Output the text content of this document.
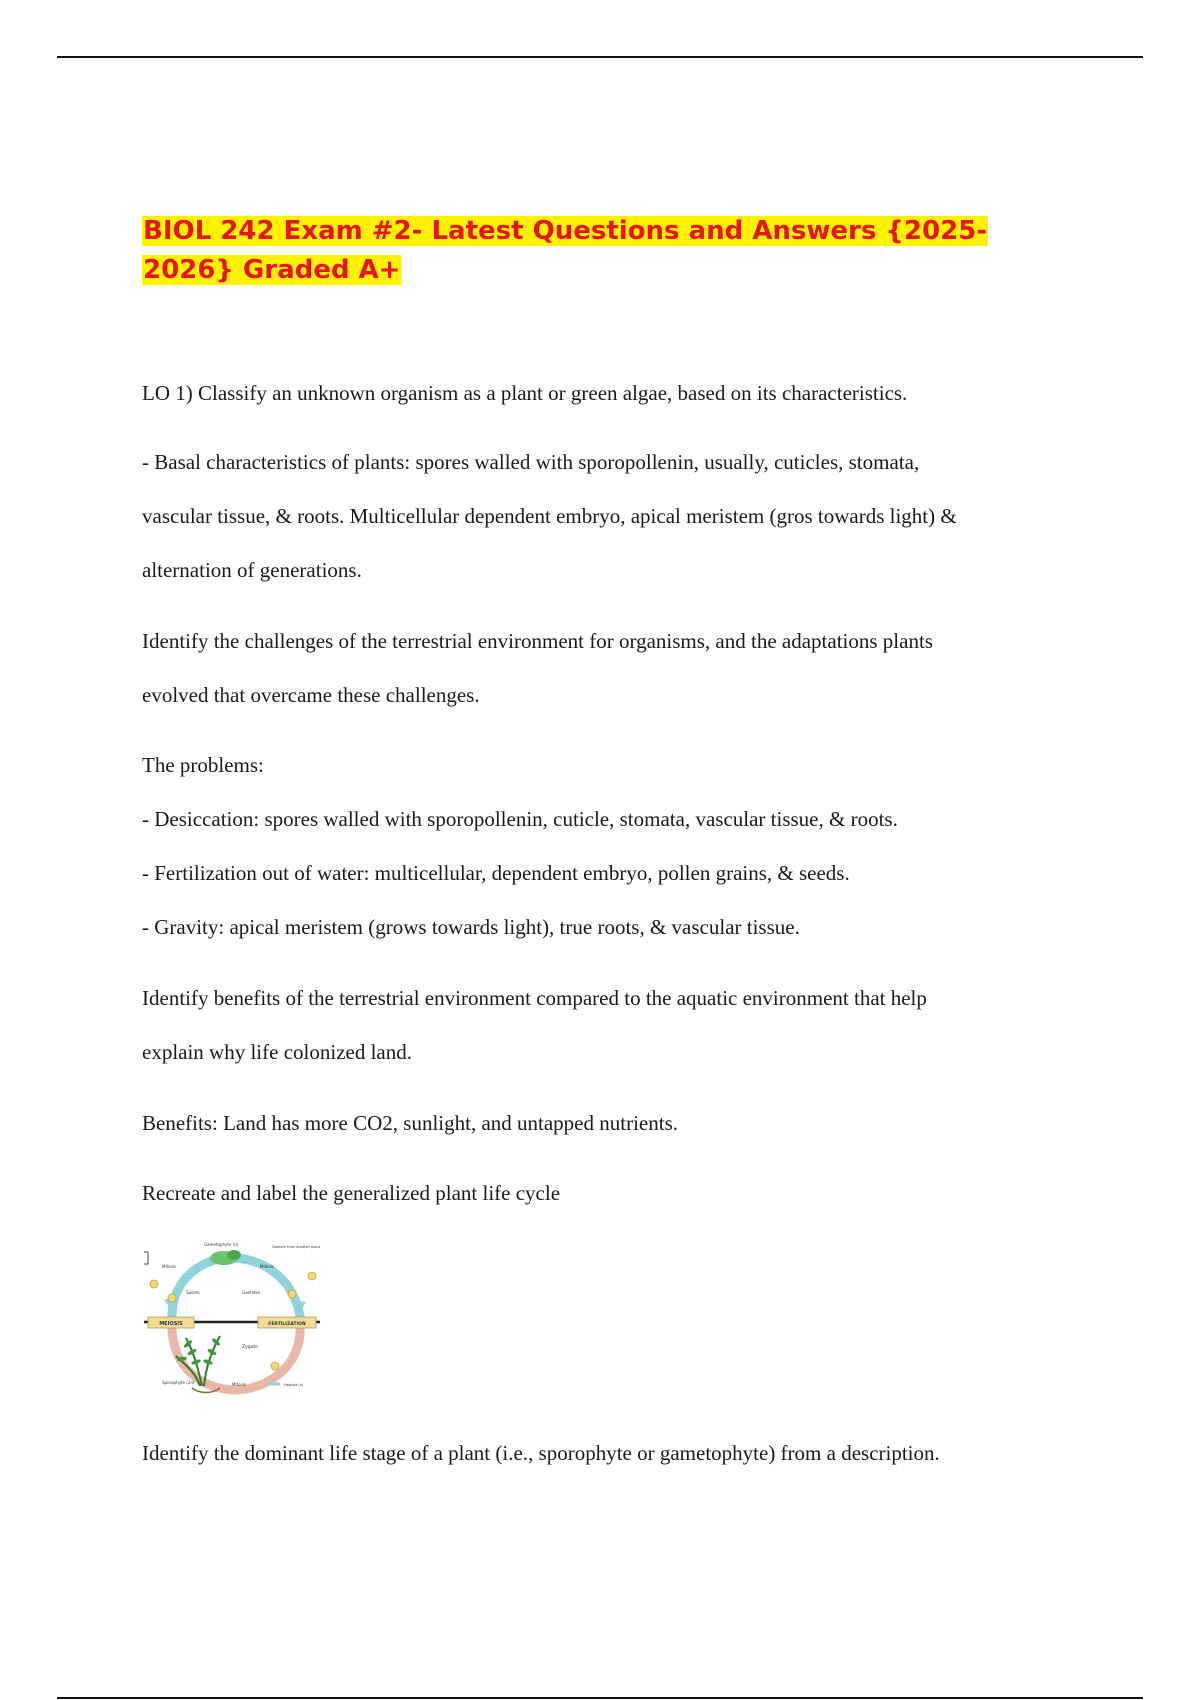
BIOL 242 Exam #2- Latest Questions and Answers {2025-
2026} Graded A+

LO 1) Classify an unknown organism as a plant or green algae, based on its characteristics.

- Basal characteristics of plants: spores walled with sporopollenin, usually, cuticles, stomata,
vascular tissue, & roots. Multicellular dependent embryo, apical meristem (gros towards light) &
alternation of generations.

Identify the challenges of the terrestrial environment for organisms, and the adaptations plants
evolved that overcame these challenges.

The problems:

- Desiccation: spores walled with sporopollenin, cuticle, stomata, vascular tissue, & roots.

- Fertilization out of water: multicellular, dependent embryo, pollen grains, & seeds.

- Gravity: apical meristem (grows towards light), true roots, & vascular tissue.

Identify benefits of the terrestrial environment compared to the aquatic environment that help
explain why life colonized land.

Benefits: Land has more CO2, sunlight, and untapped nutrients.

Recreate and label the generalized plant life cycle

MEIOSIS	FERTILIZATION
Gametophyte (n)
Mitosis	Mitosis
Gamete from another plant
Spores	Gametes
Zygote
Sporophyte (2n)	Mitosis	Haploid (n)

Identify the dominant life stage of a plant (i.e., sporophyte or gametophyte) from a description.
